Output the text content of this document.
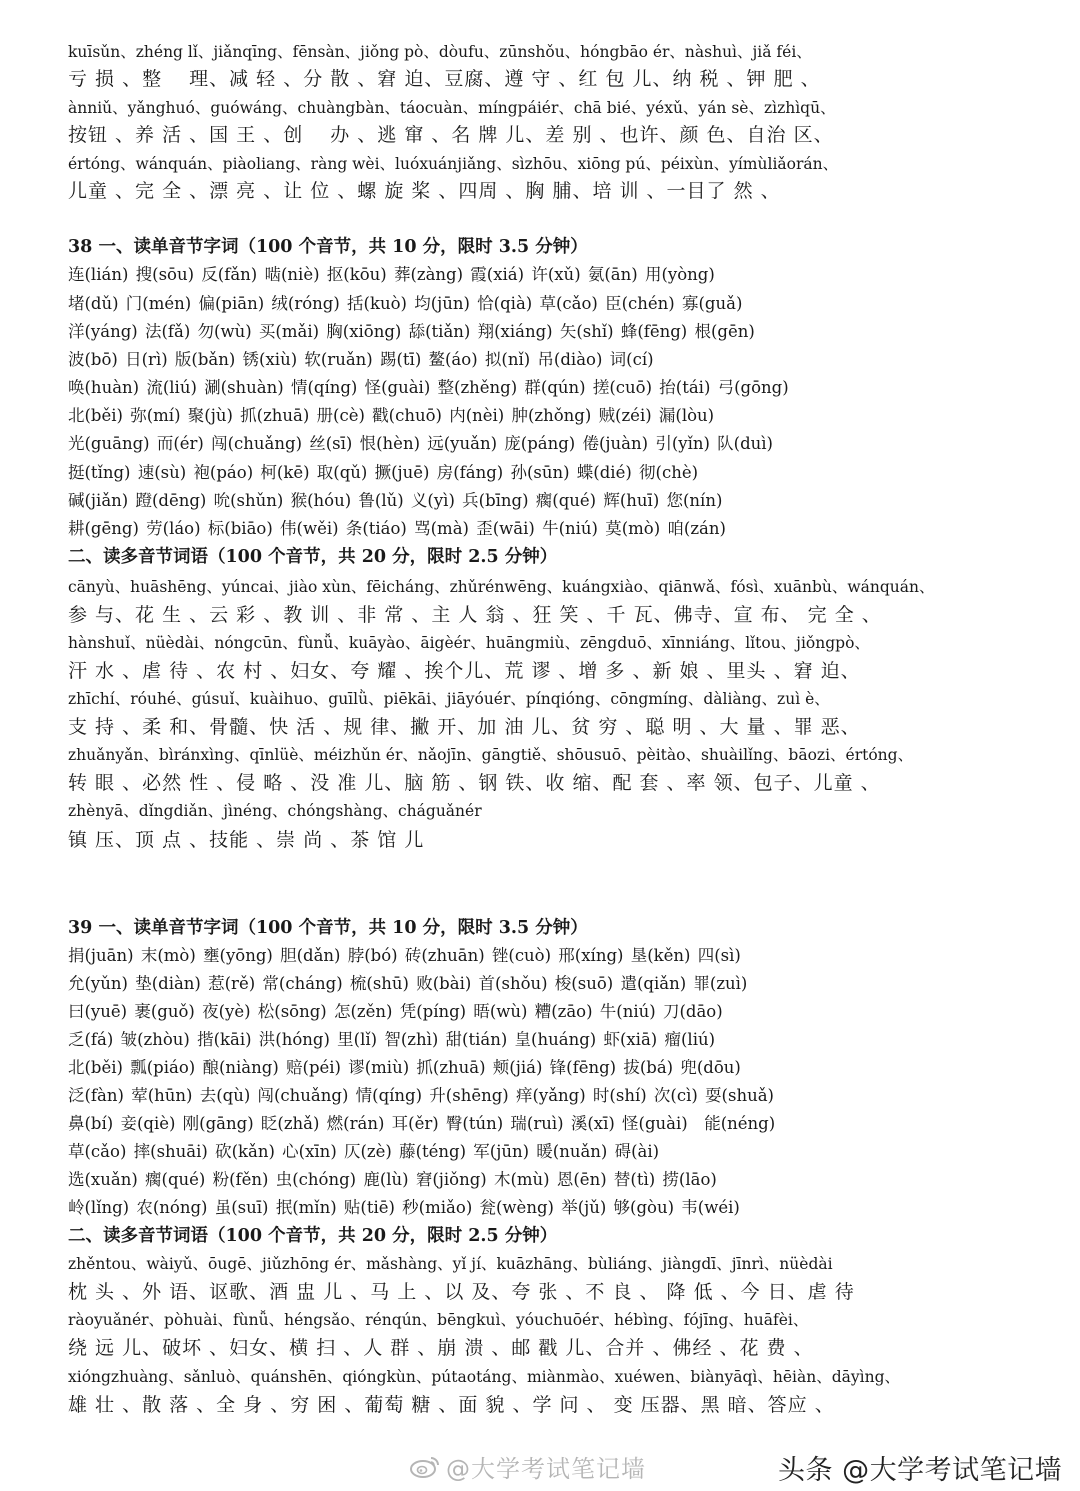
kuīsǔn、zhéng lǐ、jiǎnqīng、fēnsàn、jiǒng pò、dòufu、zūnshǒu、hóngbāo ér、nàshuì、jiǎ féi、
亏 损 、整　 理、减 轻 、分 散 、窘 迫、豆腐、遵 守 、红 包 儿、纳 税 、钾 肥 、
ànniǔ、yǎnghuó、guówáng、chuàngbàn、táocuàn、míngpáiér、chā bié、yéxǔ、yán sè、zìzhìqū、
按钮 、养 活 、国 王 、创　 办 、逃 窜 、名 牌 儿、差 别 、也许、颜 色、自治 区、
értóng、wánquán、piàoliang、ràng wèi、luóxuánjiǎng、sìzhōu、xiōng pú、péixùn、yímùliǎorán、
儿童 、完 全 、漂 亮 、让 位 、螺 旋 桨 、四周 、胸 脯、培 训 、一目了 然 、
38 一、读单音节字词（100 个音节，共 10 分，限时 3.5 分钟）
连(lián) 搜(sōu) 反(fǎn) 啮(niè) 抠(kōu) 葬(zàng) 霞(xiá) 许(xǔ) 氨(ān) 用(yòng)
堵(dǔ) 门(mén) 偏(piān) 绒(róng) 括(kuò) 均(jūn) 恰(qià) 草(cǎo) 臣(chén) 寡(guǎ)
洋(yáng) 法(fǎ) 勿(wù) 买(mǎi) 胸(xiōng) 舔(tiǎn) 翔(xiáng) 矢(shǐ) 蜂(fēng) 根(gēn)
波(bō) 日(rì) 版(bǎn) 锈(xiù) 软(ruǎn) 踢(tī) 鳌(áo) 拟(nǐ) 吊(diào) 词(cí)
唤(huàn) 流(liú) 涮(shuàn) 情(qíng) 怪(guài) 整(zhěng) 群(qún) 搓(cuō) 抬(tái) 弓(gōng)
北(běi) 弥(mí) 聚(jù) 抓(zhuā) 册(cè) 戳(chuō) 内(nèi) 肿(zhǒng) 贼(zéi) 漏(lòu)
光(guāng) 而(ér) 闯(chuǎng) 丝(sī) 恨(hèn) 远(yuǎn) 庞(páng) 倦(juàn) 引(yǐn) 队(duì)
挺(tǐng) 速(sù) 袍(páo) 柯(kē) 取(qǔ) 撅(juē) 房(fáng) 孙(sūn) 蝶(dié) 彻(chè)
碱(jiǎn) 蹬(dēng) 吮(shǔn) 猴(hóu) 鲁(lǔ) 义(yì) 兵(bīng) 瘸(qué) 辉(huī) 您(nín)
耕(gēng) 劳(láo) 标(biāo) 伟(wěi) 条(tiáo) 骂(mà) 歪(wāi) 牛(niú) 莫(mò) 咱(zán)
二、读多音节词语（100 个音节，共 20 分，限时 2.5 分钟）
cānyù、huāshēng、yúncai、jiào xùn、fēicháng、zhǔrénwēng、kuángxiào、qiānwǎ、fósì、xuānbù、wánquán、
参 与、花 生 、云 彩 、教 训 、非 常 、主 人 翁 、狂 笑 、千 瓦、佛寺、宣 布、 完 全 、
hànshuǐ、nüèdài、nóngcūn、fùnǚ、kuāyào、āigèér、huāngmiù、zēngduō、xīnniáng、lǐtou、jiǒngpò、
汗 水 、虐 待 、农 村 、妇女、夸 耀 、挨个儿、荒 谬 、增 多 、新 娘 、里头 、窘 迫、
zhīchí、róuhé、gúsuǐ、kuàihuo、guīlǜ、piēkāi、jiāyóuér、pínqióng、cōngmíng、dàliàng、zuì è、
支 持 、柔 和、骨髓、快 活 、规 律、撇 开、加 油 儿、贫 穷 、聪 明 、大 量 、罪 恶、
zhuǎnyǎn、bìránxìng、qīnlüè、méizhǔn ér、nǎojīn、gāngtiě、shōusuō、pèitào、shuàilǐng、bāozi、értóng、
转 眼 、必然 性 、侵 略 、没 准 儿、脑 筋 、钢 铁、收 缩、配 套 、率 领、包子、儿童 、
zhènyā、dǐngdiǎn、jìnéng、chóngshàng、cháguǎnér
镇 压、顶 点 、技能 、崇 尚 、茶 馆 儿
39 一、读单音节字词（100 个音节，共 10 分，限时 3.5 分钟）
捐(juān) 末(mò) 壅(yōng) 胆(dǎn) 脖(bó) 砖(zhuān) 锉(cuò) 邢(xíng) 垦(kěn) 四(sì)
允(yǔn) 垫(diàn) 惹(rě) 常(cháng) 梳(shū) 败(bài) 首(shǒu) 梭(suō) 遣(qiǎn) 罪(zuì)
曰(yuē) 裹(guǒ) 夜(yè) 松(sōng) 怎(zěn) 凭(píng) 晤(wù) 糟(zāo) 牛(niú) 刀(dāo)
乏(fá) 皱(zhòu) 揩(kāi) 洪(hóng) 里(lǐ) 智(zhì) 甜(tián) 皇(huáng) 虾(xiā) 瘤(liú)
北(běi) 瓢(piáo) 酿(niàng) 赔(péi) 谬(miù) 抓(zhuā) 颊(jiá) 锋(fēng) 拔(bá) 兜(dōu)
泛(fàn) 荤(hūn) 去(qù) 闯(chuǎng) 情(qíng) 升(shēng) 痒(yǎng) 时(shí) 次(cì) 耍(shuǎ)
鼻(bí) 妾(qiè) 刚(gāng) 眨(zhǎ) 燃(rán) 耳(ěr) 臀(tún) 瑞(ruì) 溪(xī) 怪(guài)　能(néng)
草(cǎo) 摔(shuāi) 砍(kǎn) 心(xīn) 仄(zè) 藤(téng) 军(jūn) 暖(nuǎn) 碍(ài)
选(xuǎn) 瘸(qué) 粉(fěn) 虫(chóng) 鹿(lù) 窘(jiǒng) 木(mù) 恩(ēn) 替(tì) 捞(lāo)
岭(lǐng) 农(nóng) 虽(suī) 抿(mǐn) 贴(tiē) 秒(miǎo) 瓮(wèng) 举(jǔ) 够(gòu) 韦(wéi)
二、读多音节词语（100 个音节，共 20 分，限时 2.5 分钟）
zhěntou、wàiyǔ、ōugē、jiǔzhōng ér、mǎshàng、yǐ jí、kuāzhāng、bùliáng、jiàngdī、jīnrì、nüèdài
枕 头 、外 语、讴歌、酒 盅 儿 、马 上 、以 及、夸 张 、不 良 、 降 低 、今 日、虐 待
ràoyuǎnér、pòhuài、fùnǚ、héngsǎo、rénqún、bēngkuì、yóuchuōér、hébìng、fójīng、huāfèi、
绕 远 儿、破坏 、妇女、横 扫 、人 群 、崩 溃 、邮 戳 儿、合并 、佛经 、花 费 、
xióngzhuàng、sǎnluò、quánshēn、qióngkùn、pútaotáng、miànmào、xuéwen、biànyāqì、hēiàn、dāyìng、
雄 壮 、散 落 、全 身 、穷 困 、葡萄 糖 、面 貌 、学 问 、 变 压器、黑 暗、答应 、
@大学考试笔记墙	头条 @大学考试笔记墙
